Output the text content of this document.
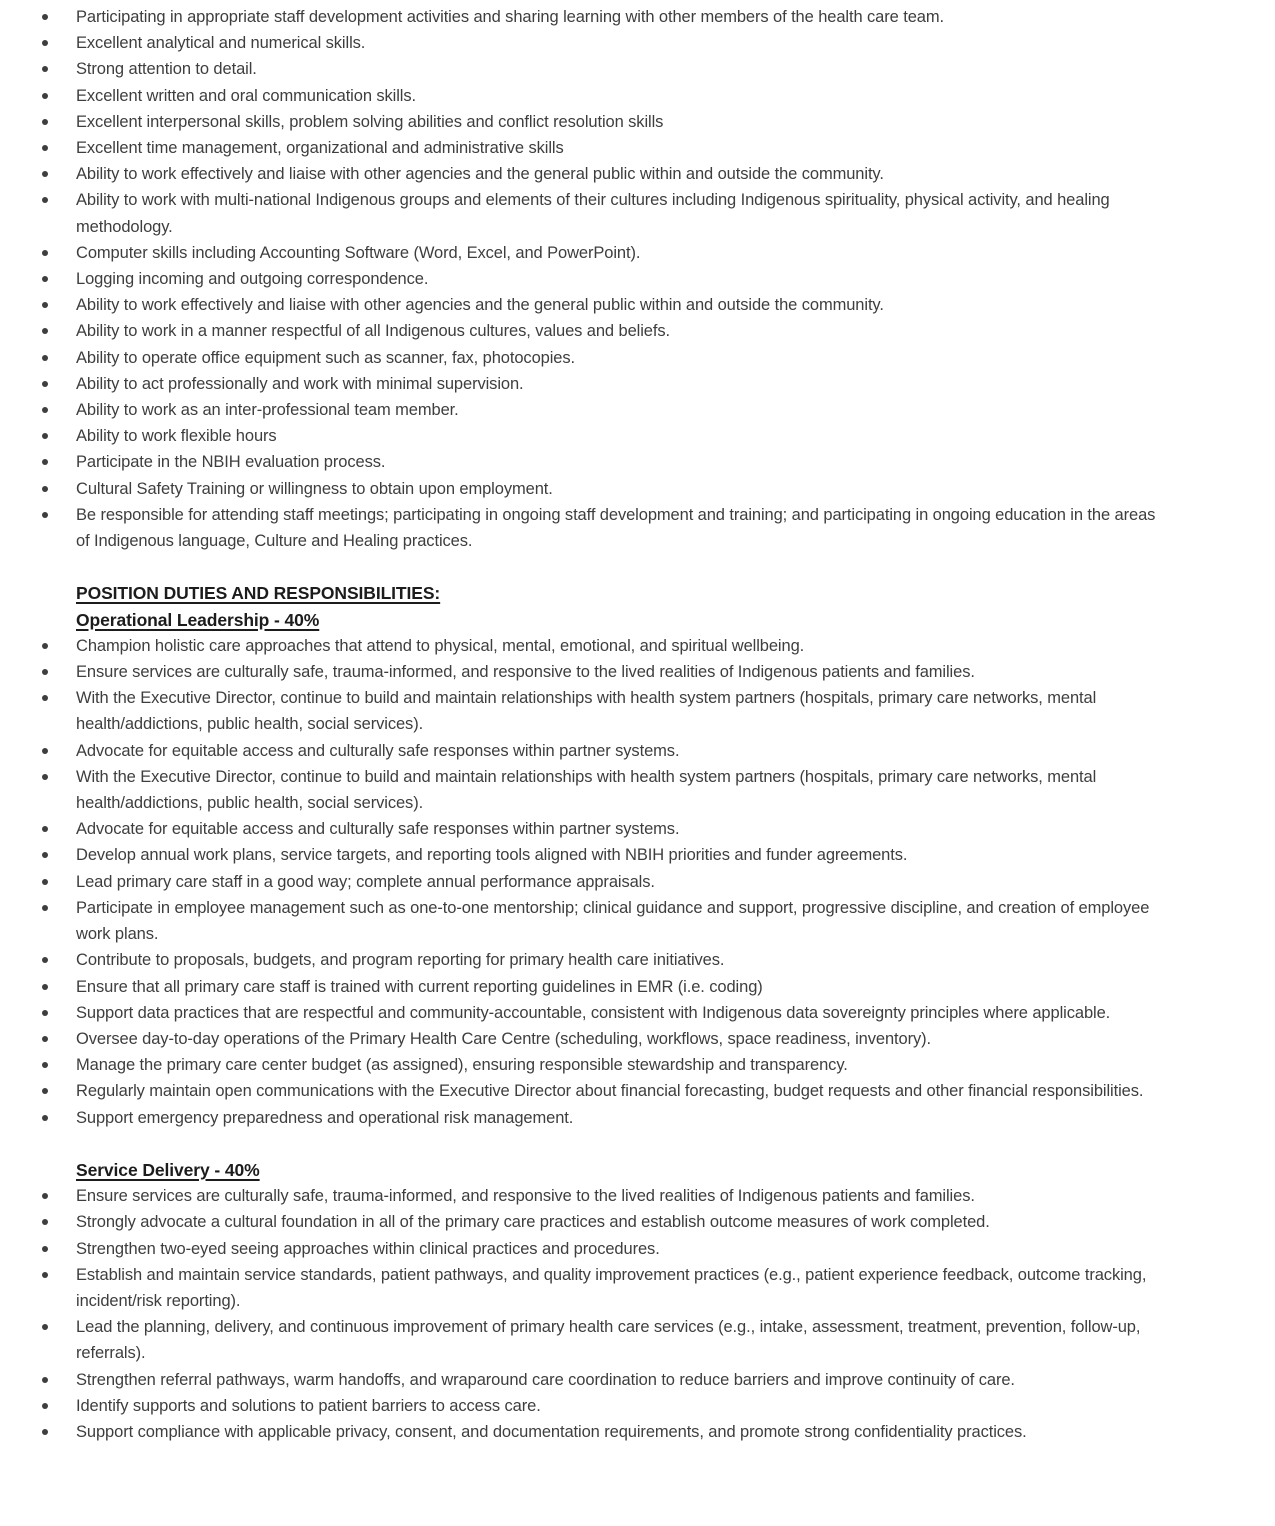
Participating in appropriate staff development activities and sharing learning with other members of the health care team.
Excellent analytical and numerical skills.
Strong attention to detail.
Excellent written and oral communication skills.
Excellent interpersonal skills, problem solving abilities and conflict resolution skills
Excellent time management, organizational and administrative skills
Ability to work effectively and liaise with other agencies and the general public within and outside the community.
Ability to work with multi-national Indigenous groups and elements of their cultures including Indigenous spirituality, physical activity, and healing methodology.
Computer skills including Accounting Software (Word, Excel, and PowerPoint).
Logging incoming and outgoing correspondence.
Ability to work effectively and liaise with other agencies and the general public within and outside the community.
Ability to work in a manner respectful of all Indigenous cultures, values and beliefs.
Ability to operate office equipment such as scanner, fax, photocopies.
Ability to act professionally and work with minimal supervision.
Ability to work as an inter-professional team member.
Ability to work flexible hours
Participate in the NBIH evaluation process.
Cultural Safety Training or willingness to obtain upon employment.
Be responsible for attending staff meetings; participating in ongoing staff development and training; and participating in ongoing education in the areas of Indigenous language, Culture and Healing practices.
POSITION DUTIES AND RESPONSIBILITIES:
Operational Leadership - 40%
Champion holistic care approaches that attend to physical, mental, emotional, and spiritual wellbeing.
Ensure services are culturally safe, trauma-informed, and responsive to the lived realities of Indigenous patients and families.
With the Executive Director, continue to build and maintain relationships with health system partners (hospitals, primary care networks, mental health/addictions, public health, social services).
Advocate for equitable access and culturally safe responses within partner systems.
With the Executive Director, continue to build and maintain relationships with health system partners (hospitals, primary care networks, mental health/addictions, public health, social services).
Advocate for equitable access and culturally safe responses within partner systems.
Develop annual work plans, service targets, and reporting tools aligned with NBIH priorities and funder agreements.
Lead primary care staff in a good way; complete annual performance appraisals.
Participate in employee management such as one-to-one mentorship; clinical guidance and support, progressive discipline, and creation of employee work plans.
Contribute to proposals, budgets, and program reporting for primary health care initiatives.
Ensure that all primary care staff is trained with current reporting guidelines in EMR (i.e. coding)
Support data practices that are respectful and community-accountable, consistent with Indigenous data sovereignty principles where applicable.
Oversee day-to-day operations of the Primary Health Care Centre (scheduling, workflows, space readiness, inventory).
Manage the primary care center budget (as assigned), ensuring responsible stewardship and transparency.
Regularly maintain open communications with the Executive Director about financial forecasting, budget requests and other financial responsibilities.
Support emergency preparedness and operational risk management.
Service Delivery - 40%
Ensure services are culturally safe, trauma-informed, and responsive to the lived realities of Indigenous patients and families.
Strongly advocate a cultural foundation in all of the primary care practices and establish outcome measures of work completed.
Strengthen two-eyed seeing approaches within clinical practices and procedures.
Establish and maintain service standards, patient pathways, and quality improvement practices (e.g., patient experience feedback, outcome tracking, incident/risk reporting).
Lead the planning, delivery, and continuous improvement of primary health care services (e.g., intake, assessment, treatment, prevention, follow-up, referrals).
Strengthen referral pathways, warm handoffs, and wraparound care coordination to reduce barriers and improve continuity of care.
Identify supports and solutions to patient barriers to access care.
Support compliance with applicable privacy, consent, and documentation requirements, and promote strong confidentiality practices.
